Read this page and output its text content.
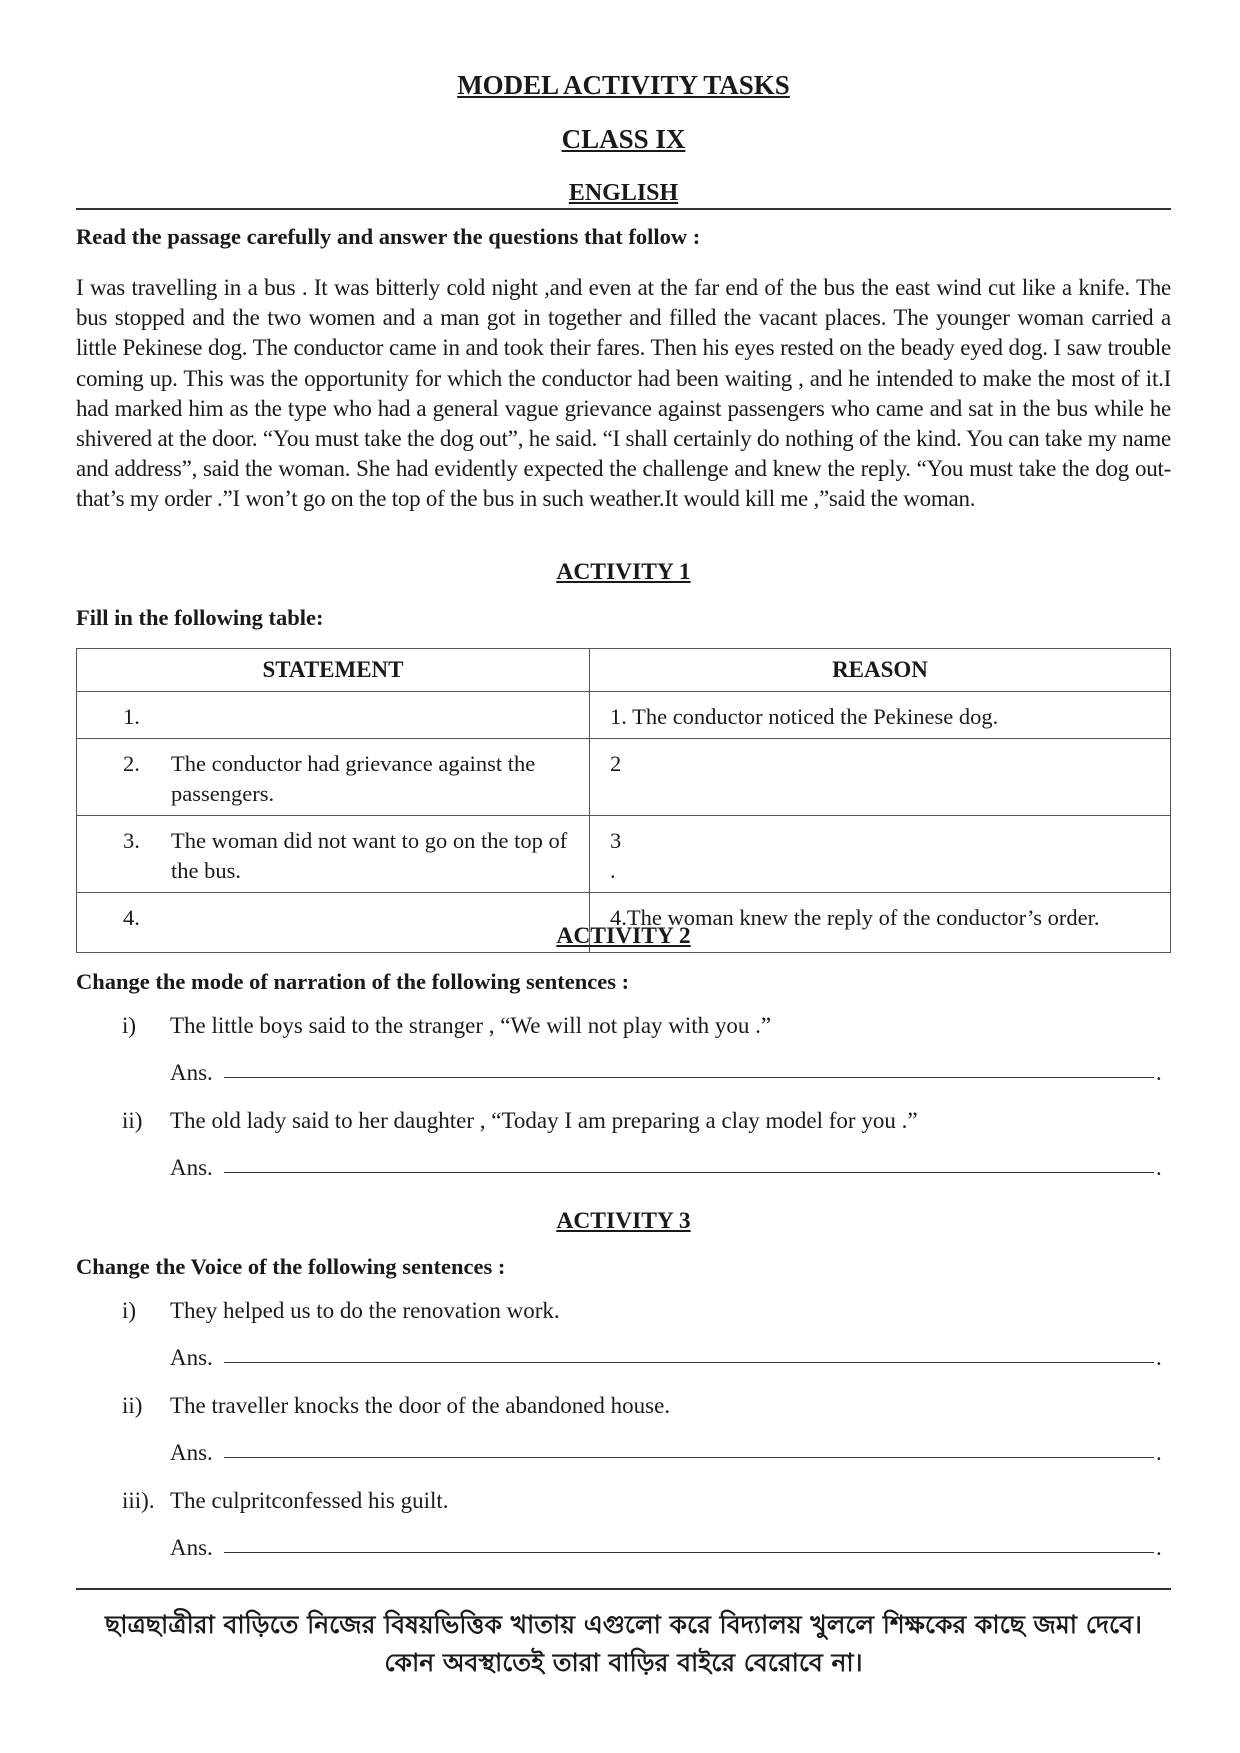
MODEL ACTIVITY TASKS
CLASS IX
ENGLISH
Read the passage carefully and answer the questions that follow :
I was travelling in a bus . It was bitterly cold night ,and even at the far end of the bus the east wind cut like a knife. The bus stopped and the two women and a man got in together and filled the vacant places. The younger woman carried a little Pekinese dog. The conductor came in and took their fares. Then his eyes rested on the beady eyed dog. I saw trouble coming up. This was the opportunity for which the conductor had been waiting , and he intended to make the most of it.I had marked him as the type who had a general vague grievance against passengers who came and sat in the bus while he shivered at the door. “You must take the dog out”, he said. “I shall certainly do nothing of the kind. You can take my name and address”, said the woman. She had evidently expected the challenge and knew the reply. “You must take the dog out- that’s my order .”I won’t go on the top of the bus in such weather.It would kill me ,”said the woman.
ACTIVITY 1
Fill in the following table:
STATEMENT	REASON

1.	1. The conductor noticed the Pekinese dog.

2. The conductor had grievance against the passengers.	2

3. The woman did not want to go on the top of the bus.	3
.

4.	4.The woman knew the reply of the conductor’s order.
ACTIVITY 2
Change the mode of narration of the following sentences :
i)	The little boys said to the stranger , “We will not play with you .”
Ans.	.
ii)	The old lady said to her daughter , “Today I am preparing a clay model for you .”
Ans.	.
ACTIVITY 3
Change the Voice of the following sentences :
i)	They helped us to do the renovation work.
Ans.	.
ii)	The traveller knocks the door of the abandoned house.
Ans.	.
iii). The culpritconfessed his guilt.
Ans.	.
ছাত্রছাত্রীরা বাড়িতে নিজের বিষয়ভিত্তিক খাতায় এগুলো করে বিদ্যালয় খুললে শিক্ষকের কাছে জমা দেবে।
কোন অবস্থাতেই তারা বাড়ির বাইরে বেরোবে না।
